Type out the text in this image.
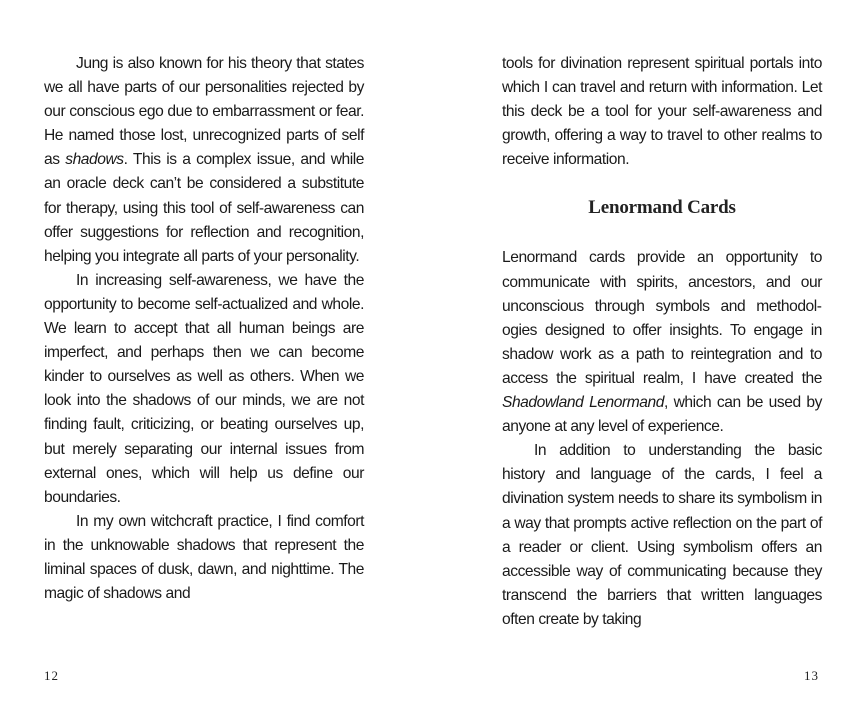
Jung is also known for his theory that states we all have parts of our personalities rejected by our conscious ego due to embarrassment or fear. He named those lost, unrecognized parts of self as shadows. This is a complex issue, and while an oracle deck can’t be considered a substitute for therapy, using this tool of self-awareness can offer suggestions for reflection and recognition, helping you integrate all parts of your personality.

In increasing self-awareness, we have the opportunity to become self-actualized and whole. We learn to accept that all human beings are imperfect, and perhaps then we can become kinder to ourselves as well as others. When we look into the shadows of our minds, we are not finding fault, criticizing, or beating ourselves up, but merely separating our internal issues from external ones, which will help us define our boundaries.

In my own witchcraft practice, I find comfort in the unknowable shadows that represent the liminal spaces of dusk, dawn, and nighttime. The magic of shadows and

tools for divination represent spiritual portals into which I can travel and return with information. Let this deck be a tool for your self-awareness and growth, offering a way to travel to other realms to receive information.

Lenormand Cards

Lenormand cards provide an opportunity to communicate with spirits, ancestors, and our unconscious through symbols and methodologies designed to offer insights. To engage in shadow work as a path to reintegration and to access the spiritual realm, I have created the Shadowland Lenormand, which can be used by anyone at any level of experience.

In addition to understanding the basic history and language of the cards, I feel a divination system needs to share its symbolism in a way that prompts active reflection on the part of a reader or client. Using symbolism offers an accessible way of communicating because they transcend the barriers that written languages often create by taking

12	13
